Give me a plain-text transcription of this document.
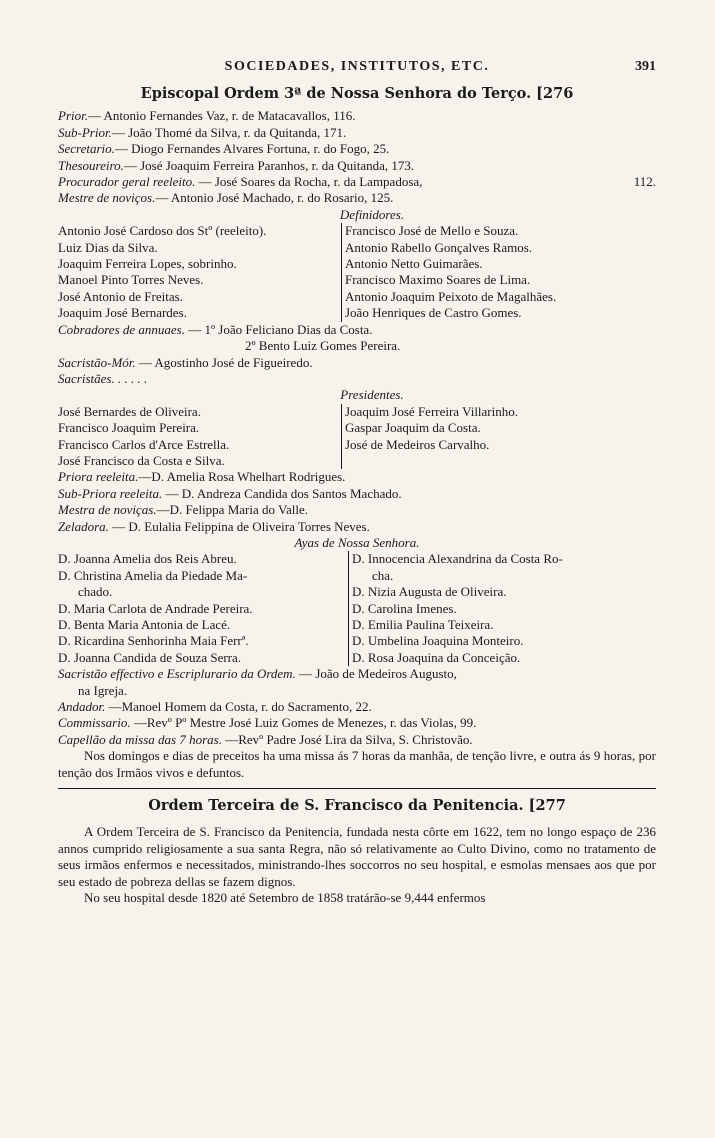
SOCIEDADES, INSTITUTOS, ETC.	391
Episcopal Ordem 3ª de Nossa Senhora do Terço. [276
Prior.— Antonio Fernandes Vaz, r. de Matacavallos, 116.
Sub-Prior.— João Thomé da Silva, r. da Quitanda, 171.
Secretario.— Diogo Fernandes Alvares Fortuna, r. do Fogo, 25.
Thesoureiro.— José Joaquim Ferreira Paranhos, r. da Quitanda, 173.
Procurador geral reeleito. — José Soares da Rocha, r. da Lampadosa,	112.
Mestre de noviços.— Antonio José Machado, r. do Rosario, 125.
Definidores.
Antonio José Cardoso dos Stº (reeleito).
Luiz Dias da Silva.
Joaquim Ferreira Lopes, sobrinho.
Manoel Pinto Torres Neves.
José Antonio de Freitas.
Joaquim José Bernardes.
Francisco José de Mello e Souza.
Antonio Rabello Gonçalves Ramos.
Antonio Netto Guimarães.
Francisco Maximo Soares de Lima.
Antonio Joaquim Peixoto de Magalhães.
João Henriques de Castro Gomes.
Cobradores de annuaes. — 1º João Feliciano Dias da Costa.
2º Bento Luiz Gomes Pereira.
Sacristão-Mór. — Agostinho José de Figueiredo.
Sacristães. . . . . .
Presidentes.
José Bernardes de Oliveira.
Francisco Joaquim Pereira.
Francisco Carlos d'Arce Estrella.
José Francisco da Costa e Silva.
Joaquim José Ferreira Villarinho.
Gaspar Joaquim da Costa.
José de Medeiros Carvalho.
Priora reeleita.—D. Amelia Rosa Whelhart Rodrigues.
Sub-Priora reeleita. — D. Andreza Candida dos Santos Machado.
Mestra de noviças.—D. Felippa Maria do Valle.
Zeladora. — D. Eulalia Felippina de Oliveira Torres Neves.
Ayas de Nossa Senhora.
D. Joanna Amelia dos Reis Abreu.
D. Christina Amelia da Piedade Ma-
chado.
D. Maria Carlota de Andrade Pereira.
D. Benta Maria Antonia de Lacé.
D. Ricardina Senhorinha Maia Ferrª.
D. Joanna Candida de Souza Serra.
D. Innocencia Alexandrina da Costa Ro-
cha.
D. Nizia Augusta de Oliveira.
D. Carolina Imenes.
D. Emilia Paulina Teixeira.
D. Umbelina Joaquina Monteiro.
D. Rosa Joaquina da Conceição.
Sacristão effectivo e Escriplurario da Ordem. — João de Medeiros Augusto,
na Igreja.
Andador. —Manoel Homem da Costa, r. do Sacramento, 22.
Commissario. —Revº Pº Mestre José Luiz Gomes de Menezes, r. das Violas, 99.
Capellão da missa das 7 horas. —Revº Padre José Lira da Silva, S. Christovão.
Nos domingos e dias de preceitos ha uma missa ás 7 horas da manhãa, de tenção livre, e outra ás 9 horas, por tenção dos Irmãos vivos e defuntos.
Ordem Terceira de S. Francisco da Penitencia. [277
A Ordem Terceira de S. Francisco da Penitencia, fundada nesta côrte em 1622, tem no longo espaço de 236 annos cumprido religiosamente a sua santa Regra, não só relativamente ao Culto Divino, como no tratamento de seus irmãos enfermos e necessitados, ministrando-lhes soccorros no seu hospital, e esmolas mensaes aos que por seu estado de pobreza dellas se fazem dignos.
No seu hospital desde 1820 até Setembro de 1858 tratárão-se 9,444 enfermos
